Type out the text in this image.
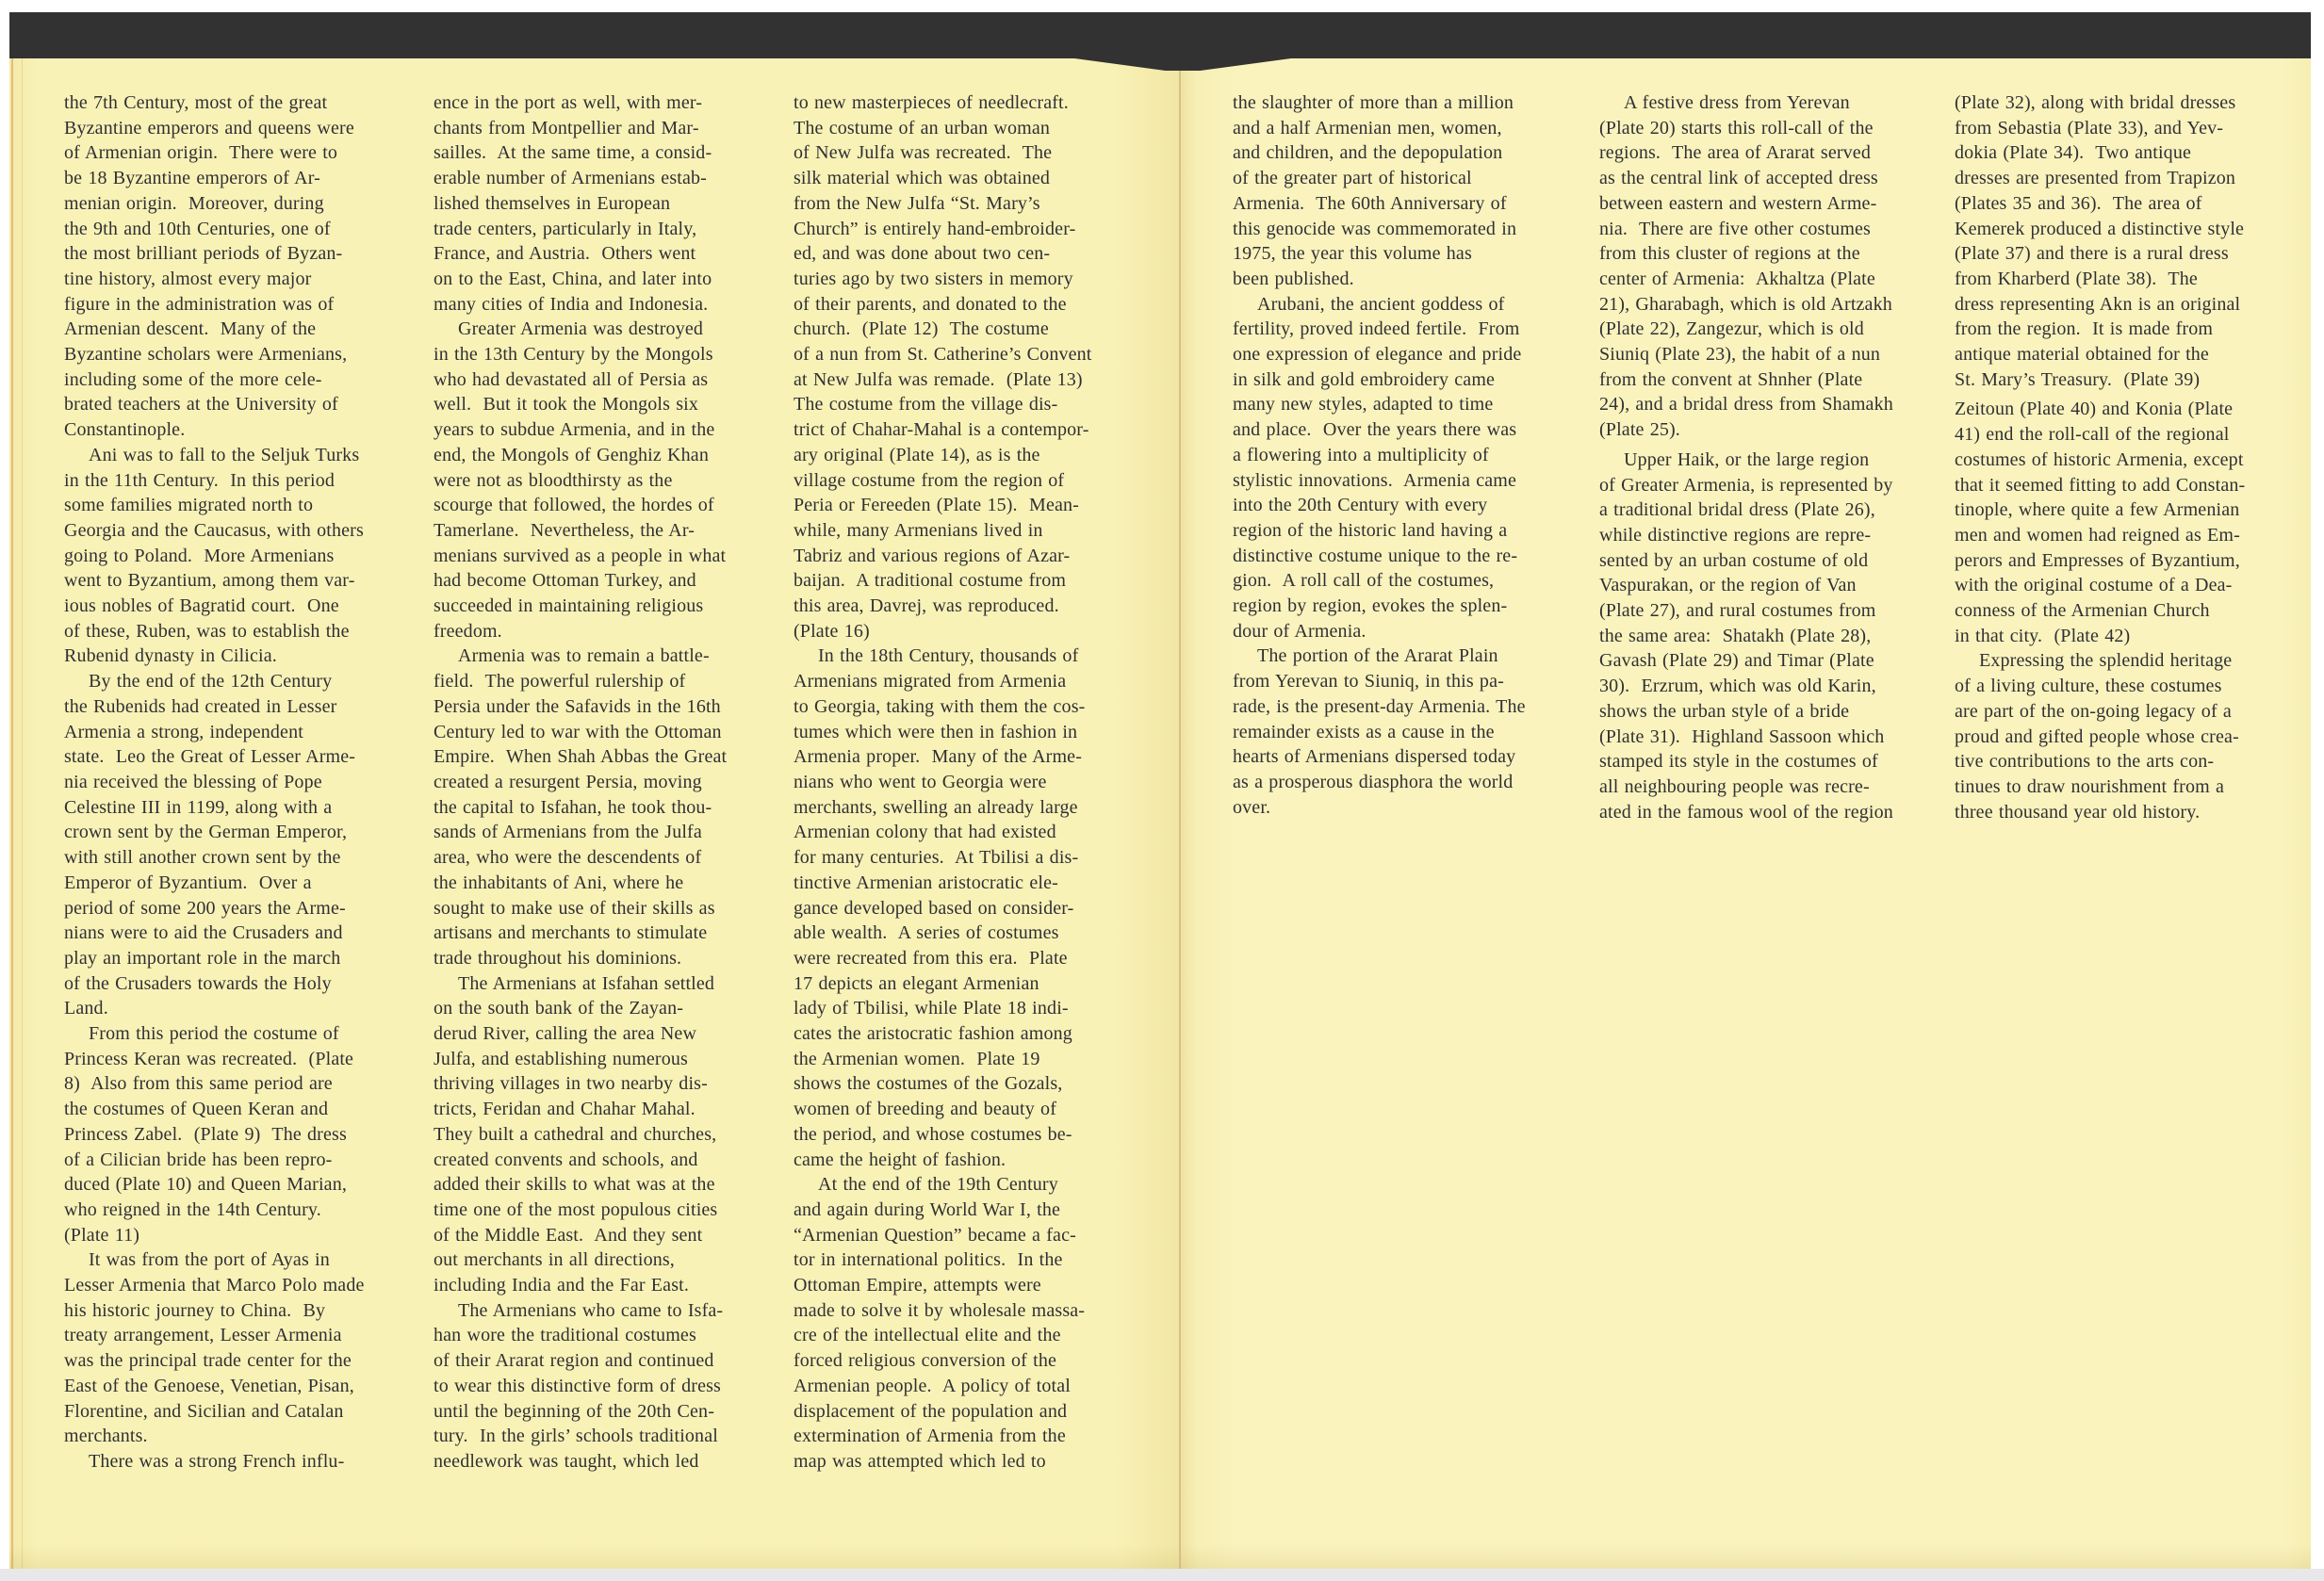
the 7th Century, most of the great
Byzantine emperors and queens were
of Armenian origin.  There were to
be 18 Byzantine emperors of Ar-
menian origin.  Moreover, during
the 9th and 10th Centuries, one of
the most brilliant periods of Byzan-
tine history, almost every major
figure in the administration was of
Armenian descent.  Many of the
Byzantine scholars were Armenians,
including some of the more cele-
brated teachers at the University of
Constantinople.
Ani was to fall to the Seljuk Turks
in the 11th Century.  In this period
some families migrated north to
Georgia and the Caucasus, with others
going to Poland.  More Armenians
went to Byzantium, among them var-
ious nobles of Bagratid court.  One
of these, Ruben, was to establish the
Rubenid dynasty in Cilicia.
By the end of the 12th Century
the Rubenids had created in Lesser
Armenia a strong, independent
state.  Leo the Great of Lesser Arme-
nia received the blessing of Pope
Celestine III in 1199, along with a
crown sent by the German Emperor,
with still another crown sent by the
Emperor of Byzantium.  Over a
period of some 200 years the Arme-
nians were to aid the Crusaders and
play an important role in the march
of the Crusaders towards the Holy
Land.
From this period the costume of
Princess Keran was recreated.  (Plate
8)  Also from this same period are
the costumes of Queen Keran and
Princess Zabel.  (Plate 9)  The dress
of a Cilician bride has been repro-
duced (Plate 10) and Queen Marian,
who reigned in the 14th Century.
(Plate 11)
It was from the port of Ayas in
Lesser Armenia that Marco Polo made
his historic journey to China.  By
treaty arrangement, Lesser Armenia
was the principal trade center for the
East of the Genoese, Venetian, Pisan,
Florentine, and Sicilian and Catalan
merchants.
There was a strong French influ-
ence in the port as well, with mer-
chants from Montpellier and Mar-
sailles.  At the same time, a consid-
erable number of Armenians estab-
lished themselves in European
trade centers, particularly in Italy,
France, and Austria.  Others went
on to the East, China, and later into
many cities of India and Indonesia.
Greater Armenia was destroyed
in the 13th Century by the Mongols
who had devastated all of Persia as
well.  But it took the Mongols six
years to subdue Armenia, and in the
end, the Mongols of Genghiz Khan
were not as bloodthirsty as the
scourge that followed, the hordes of
Tamerlane.  Nevertheless, the Ar-
menians survived as a people in what
had become Ottoman Turkey, and
succeeded in maintaining religious
freedom.
Armenia was to remain a battle-
field.  The powerful rulership of
Persia under the Safavids in the 16th
Century led to war with the Ottoman
Empire.  When Shah Abbas the Great
created a resurgent Persia, moving
the capital to Isfahan, he took thou-
sands of Armenians from the Julfa
area, who were the descendents of
the inhabitants of Ani, where he
sought to make use of their skills as
artisans and merchants to stimulate
trade throughout his dominions.
The Armenians at Isfahan settled
on the south bank of the Zayan-
derud River, calling the area New
Julfa, and establishing numerous
thriving villages in two nearby dis-
tricts, Feridan and Chahar Mahal.
They built a cathedral and churches,
created convents and schools, and
added their skills to what was at the
time one of the most populous cities
of the Middle East.  And they sent
out merchants in all directions,
including India and the Far East.
The Armenians who came to Isfa-
han wore the traditional costumes
of their Ararat region and continued
to wear this distinctive form of dress
until the beginning of the 20th Cen-
tury.  In the girls’ schools traditional
needlework was taught, which led
to new masterpieces of needlecraft.
The costume of an urban woman
of New Julfa was recreated.  The
silk material which was obtained
from the New Julfa “St. Mary’s
Church” is entirely hand-embroider-
ed, and was done about two cen-
turies ago by two sisters in memory
of their parents, and donated to the
church.  (Plate 12)  The costume
of a nun from St. Catherine’s Convent
at New Julfa was remade.  (Plate 13)
The costume from the village dis-
trict of Chahar-Mahal is a contempor-
ary original (Plate 14), as is the
village costume from the region of
Peria or Fereeden (Plate 15).  Mean-
while, many Armenians lived in
Tabriz and various regions of Azar-
baijan.  A traditional costume from
this area, Davrej, was reproduced.
(Plate 16)
In the 18th Century, thousands of
Armenians migrated from Armenia
to Georgia, taking with them the cos-
tumes which were then in fashion in
Armenia proper.  Many of the Arme-
nians who went to Georgia were
merchants, swelling an already large
Armenian colony that had existed
for many centuries.  At Tbilisi a dis-
tinctive Armenian aristocratic ele-
gance developed based on consider-
able wealth.  A series of costumes
were recreated from this era.  Plate
17 depicts an elegant Armenian
lady of Tbilisi, while Plate 18 indi-
cates the aristocratic fashion among
the Armenian women.  Plate 19
shows the costumes of the Gozals,
women of breeding and beauty of
the period, and whose costumes be-
came the height of fashion.
At the end of the 19th Century
and again during World War I, the
“Armenian Question” became a fac-
tor in international politics.  In the
Ottoman Empire, attempts were
made to solve it by wholesale massa-
cre of the intellectual elite and the
forced religious conversion of the
Armenian people.  A policy of total
displacement of the population and
extermination of Armenia from the
map was attempted which led to
the slaughter of more than a million
and a half Armenian men, women,
and children, and the depopulation
of the greater part of historical
Armenia.  The 60th Anniversary of
this genocide was commemorated in
1975, the year this volume has
been published.
Arubani, the ancient goddess of
fertility, proved indeed fertile.  From
one expression of elegance and pride
in silk and gold embroidery came
many new styles, adapted to time
and place.  Over the years there was
a flowering into a multiplicity of
stylistic innovations.  Armenia came
into the 20th Century with every
region of the historic land having a
distinctive costume unique to the re-
gion.  A roll call of the costumes,
region by region, evokes the splen-
dour of Armenia.
The portion of the Ararat Plain
from Yerevan to Siuniq, in this pa-
rade, is the present-day Armenia. The
remainder exists as a cause in the
hearts of Armenians dispersed today
as a prosperous diasphora the world
over.
A festive dress from Yerevan
(Plate 20) starts this roll-call of the
regions.  The area of Ararat served
as the central link of accepted dress
between eastern and western Arme-
nia.  There are five other costumes
from this cluster of regions at the
center of Armenia:  Akhaltza (Plate
21), Gharabagh, which is old Artzakh
(Plate 22), Zangezur, which is old
Siuniq (Plate 23), the habit of a nun
from the convent at Shnher (Plate
24), and a bridal dress from Shamakh
(Plate 25).
Upper Haik, or the large region
of Greater Armenia, is represented by
a traditional bridal dress (Plate 26),
while distinctive regions are repre-
sented by an urban costume of old
Vaspurakan, or the region of Van
(Plate 27), and rural costumes from
the same area:  Shatakh (Plate 28),
Gavash (Plate 29) and Timar (Plate
30).  Erzrum, which was old Karin,
shows the urban style of a bride
(Plate 31).  Highland Sassoon which
stamped its style in the costumes of
all neighbouring people was recre-
ated in the famous wool of the region
(Plate 32), along with bridal dresses
from Sebastia (Plate 33), and Yev-
dokia (Plate 34).  Two antique
dresses are presented from Trapizon
(Plates 35 and 36).  The area of
Kemerek produced a distinctive style
(Plate 37) and there is a rural dress
from Kharberd (Plate 38).  The
dress representing Akn is an original
from the region.  It is made from
antique material obtained for the
St. Mary’s Treasury.  (Plate 39)
Zeitoun (Plate 40) and Konia (Plate
41) end the roll-call of the regional
costumes of historic Armenia, except
that it seemed fitting to add Constan-
tinople, where quite a few Armenian
men and women had reigned as Em-
perors and Empresses of Byzantium,
with the original costume of a Dea-
conness of the Armenian Church
in that city.  (Plate 42)
Expressing the splendid heritage
of a living culture, these costumes
are part of the on-going legacy of a
proud and gifted people whose crea-
tive contributions to the arts con-
tinues to draw nourishment from a
three thousand year old history.
